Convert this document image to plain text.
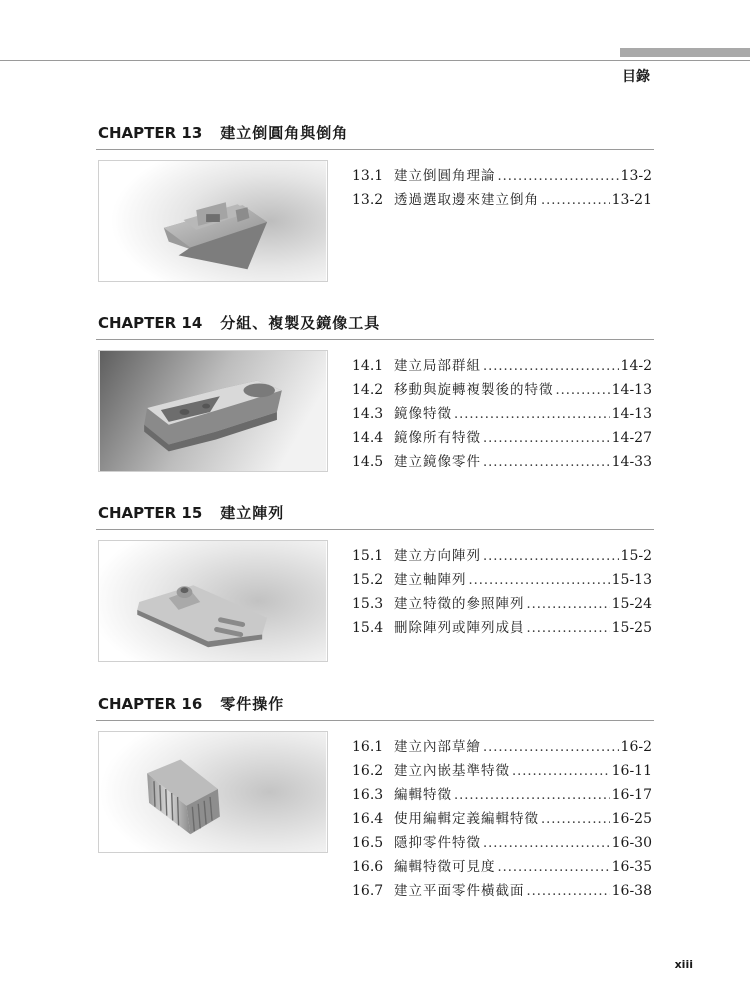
目錄
CHAPTER 13 建立倒圓角與倒角
13.1 建立倒圓角理論 .....	13-2
13.2 透過選取邊來建立倒角 .....	13-21
CHAPTER 14 分組、複製及鏡像工具
14.1 建立局部群組 .....	14-2
14.2 移動與旋轉複製後的特徵 .....	14-13
14.3 鏡像特徵 .....	14-13
14.4 鏡像所有特徵 .....	14-27
14.5 建立鏡像零件 .....	14-33
CHAPTER 15 建立陣列
15.1 建立方向陣列 .....	15-2
15.2 建立軸陣列 .....	15-13
15.3 建立特徵的參照陣列 .....	15-24
15.4 刪除陣列或陣列成員 .....	15-25
CHAPTER 16 零件操作
16.1 建立內部草繪 .....	16-2
16.2 建立內嵌基準特徵 .....	16-11
16.3 編輯特徵 .....	16-17
16.4 使用編輯定義編輯特徵 .....	16-25
16.5 隱抑零件特徵 .....	16-30
16.6 編輯特徵可見度 .....	16-35
16.7 建立平面零件橫截面 .....	16-38
xiii
